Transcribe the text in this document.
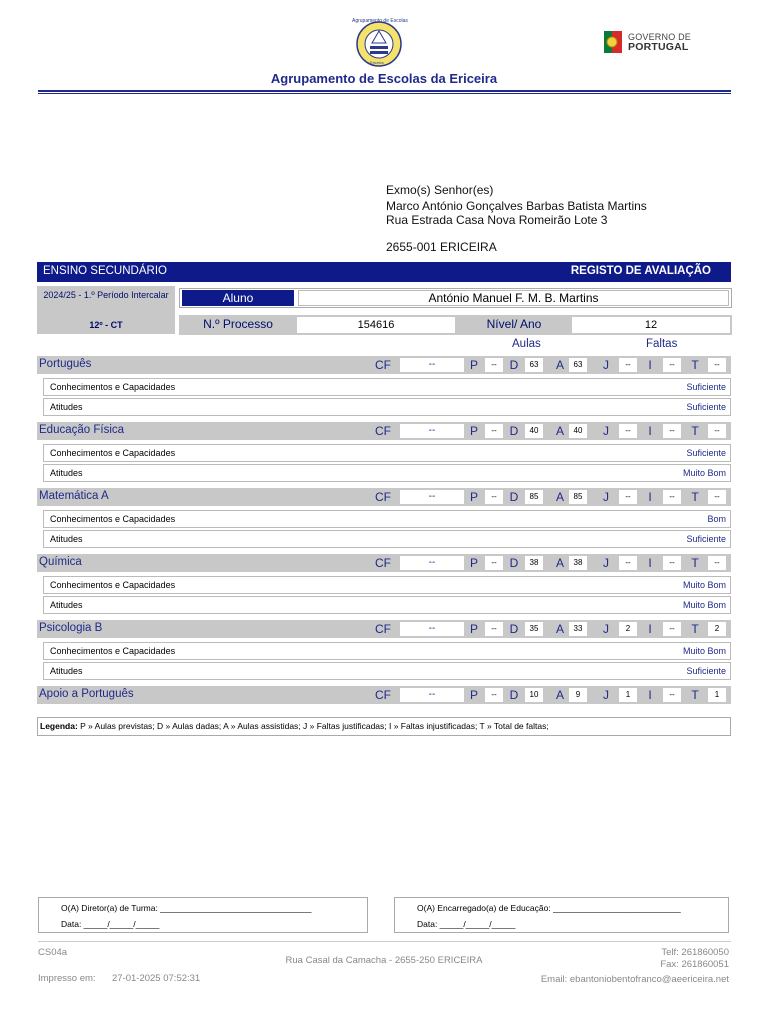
Agrupamento de Escolas
Ericeira
GOVERNO DE
PORTUGAL
Agrupamento de Escolas da Ericeira
Exmo(s) Senhor(es)
Marco António Gonçalves Barbas Batista Martins
Rua Estrada Casa Nova Romeirão Lote 3
2655-001 ERICEIRA
ENSINO SECUNDÁRIO	REGISTO DE AVALIAÇÃO
2024/25 - 1.º Período Intercalar
12º - CT
Aluno	António Manuel F. M. B. Martins
N.º Processo	154616	Nível/ Ano	12
Aulas	Faltas
Português	CF	--	P	--	D	63	A	63	J	--	I	--	T	--
Conhecimentos e Capacidades	Suficiente
Atitudes	Suficiente
Educação Física	CF	--	P	--	D	40	A	40	J	--	I	--	T	--
Conhecimentos e Capacidades	Suficiente
Atitudes	Muito Bom
Matemática A	CF	--	P	--	D	85	A	85	J	--	I	--	T	--
Conhecimentos e Capacidades	Bom
Atitudes	Suficiente
Química	CF	--	P	--	D	38	A	38	J	--	I	--	T	--
Conhecimentos e Capacidades	Muito Bom
Atitudes	Muito Bom
Psicologia B	CF	--	P	--	D	35	A	33	J	2	I	--	T	2
Conhecimentos e Capacidades	Muito Bom
Atitudes	Suficiente
Apoio a Português	CF	--	P	--	D	10	A	9	J	1	I	--	T	1
Legenda: P » Aulas previstas; D » Aulas dadas; A » Aulas assistidas; J » Faltas justificadas; I » Faltas injustificadas; T » Total de faltas;
O(A) Diretor(a) de Turma: ________________________________
Data: _____/_____/_____
O(A) Encarregado(a) de Educação: ___________________________
Data: _____/_____/_____
CS04a
Impresso em: 27-01-2025 07:52:31
Rua Casal da Camacha - 2655-250 ERICEIRA
Telf: 261860050
Fax: 261860051
Email: ebantoniobentofranco@aeericeira.net
